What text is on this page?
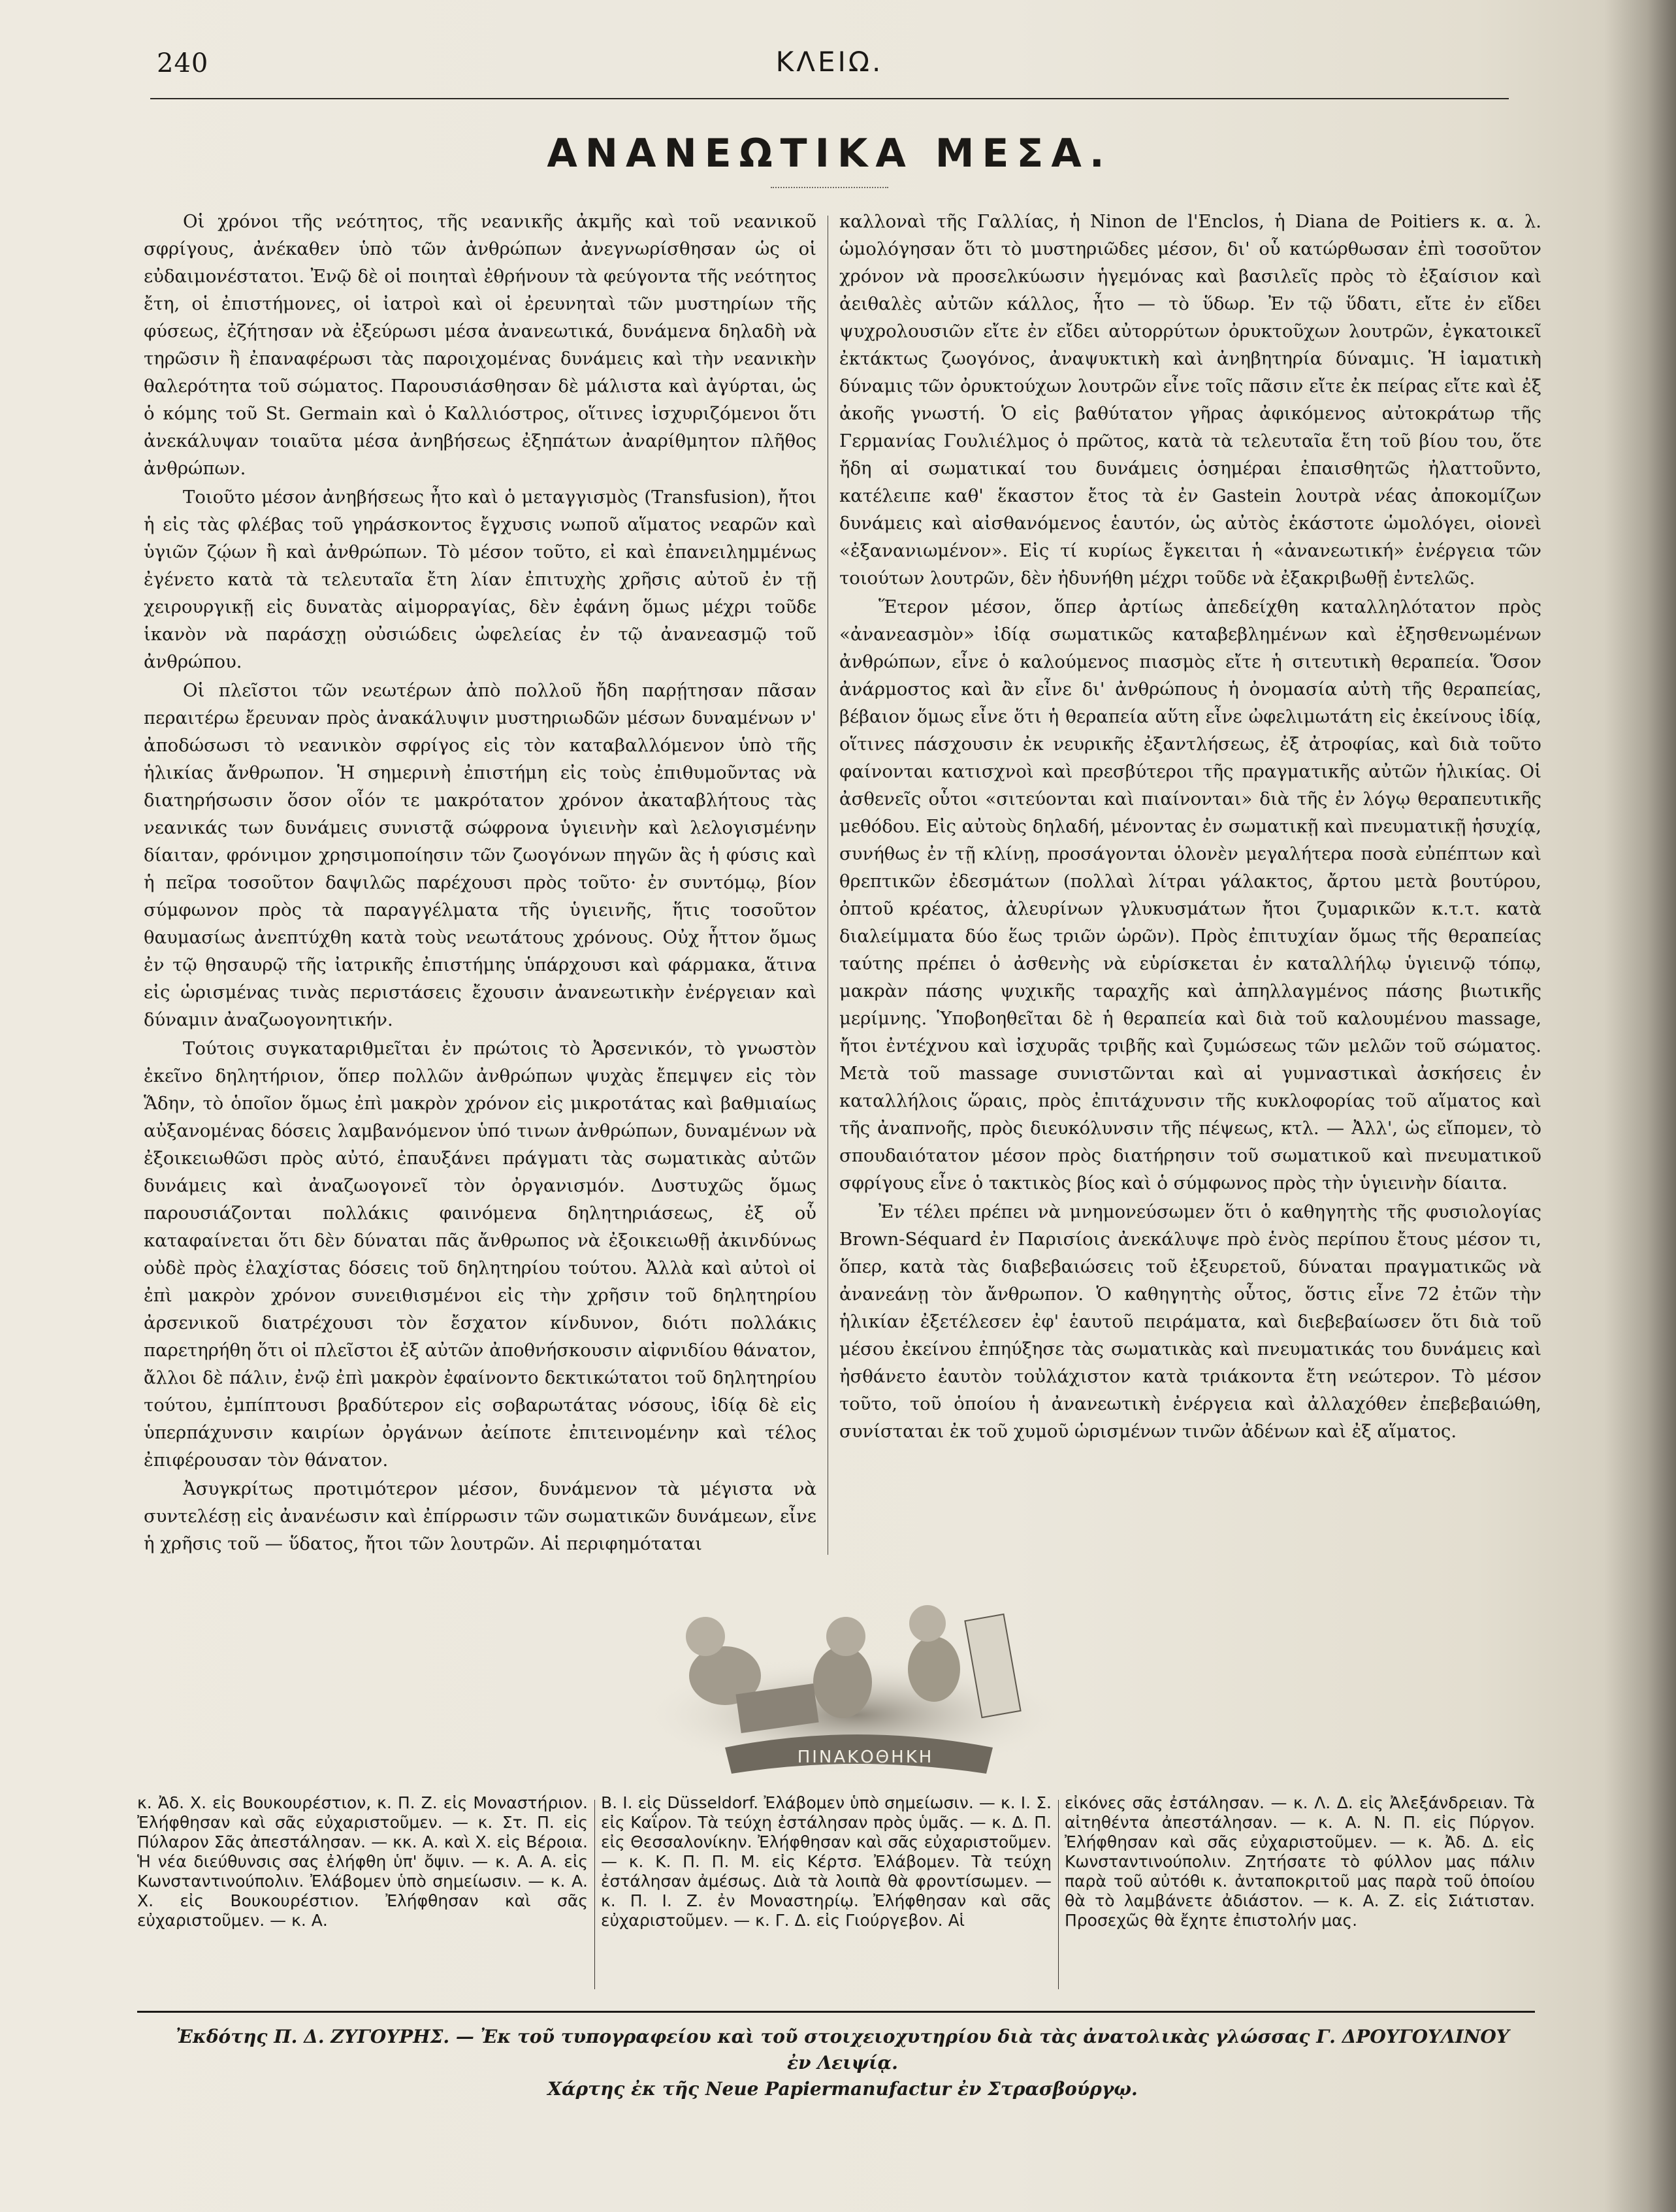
240	ΚΛΕΙΩ.
ΑΝΑΝΕΩΤΙΚΑ ΜΕΣΑ.

Οἱ χρόνοι τῆς νεότητος, τῆς νεανικῆς ἀκμῆς καὶ τοῦ νεανικοῦ σφρίγους, ἀνέκαθεν ὑπὸ τῶν ἀνθρώπων ἀνεγνωρίσθησαν ὡς οἱ εὐδαιμονέστατοι. Ἐνῷ δὲ οἱ ποιηταὶ ἐθρήνουν τὰ φεύγοντα τῆς νεότητος ἔτη, οἱ ἐπιστήμονες, οἱ ἰατροὶ καὶ οἱ ἐρευνηταὶ τῶν μυστηρίων τῆς φύσεως, ἐζήτησαν νὰ ἐξεύρωσι μέσα ἀνανεωτικά, δυνάμενα δηλαδὴ νὰ τηρῶσιν ἢ ἐπαναφέρωσι τὰς παροιχομένας δυνάμεις καὶ τὴν νεανικὴν θαλερότητα τοῦ σώματος. Παρουσιάσθησαν δὲ μάλιστα καὶ ἀγύρται, ὡς ὁ κόμης τοῦ St. Germain καὶ ὁ Καλλιόστρος, οἵτινες ἰσχυριζόμενοι ὅτι ἀνεκάλυψαν τοιαῦτα μέσα ἀνηβήσεως ἐξηπάτων ἀναρίθμητον πλῆθος ἀνθρώπων.

Τοιοῦτο μέσον ἀνηβήσεως ἦτο καὶ ὁ μεταγγισμὸς (Transfusion), ἤτοι ἡ εἰς τὰς φλέβας τοῦ γηράσκοντος ἔγχυσις νωποῦ αἵματος νεαρῶν καὶ ὑγιῶν ζῴων ἢ καὶ ἀνθρώπων. Τὸ μέσον τοῦτο, εἰ καὶ ἐπανειλημμένως ἐγένετο κατὰ τὰ τελευταῖα ἔτη λίαν ἐπιτυχὴς χρῆσις αὐτοῦ ἐν τῇ χειρουργικῇ εἰς δυνατὰς αἱμορραγίας, δὲν ἐφάνη ὅμως μέχρι τοῦδε ἱκανὸν νὰ παράσχῃ οὐσιώδεις ὠφελείας ἐν τῷ ἀνανεασμῷ τοῦ ἀνθρώπου.

Οἱ πλεῖστοι τῶν νεωτέρων ἀπὸ πολλοῦ ἤδη παρῄτησαν πᾶσαν περαιτέρω ἔρευναν πρὸς ἀνακάλυψιν μυστηριωδῶν μέσων δυναμένων ν' ἀποδώσωσι τὸ νεανικὸν σφρίγος εἰς τὸν καταβαλλόμενον ὑπὸ τῆς ἡλικίας ἄνθρωπον. Ἡ σημερινὴ ἐπιστήμη εἰς τοὺς ἐπιθυμοῦντας νὰ διατηρήσωσιν ὅσον οἷόν τε μακρότατον χρόνον ἀκαταβλήτους τὰς νεανικάς των δυνάμεις συνιστᾷ σώφρονα ὑγιεινὴν καὶ λελογισμένην δίαιταν, φρόνιμον χρησιμοποίησιν τῶν ζωογόνων πηγῶν ἃς ἡ φύσις καὶ ἡ πεῖρα τοσοῦτον δαψιλῶς παρέχουσι πρὸς τοῦτο· ἐν συντόμῳ, βίον σύμφωνον πρὸς τὰ παραγγέλματα τῆς ὑγιεινῆς, ἥτις τοσοῦτον θαυμασίως ἀνεπτύχθη κατὰ τοὺς νεωτάτους χρόνους. Οὐχ ἧττον ὅμως ἐν τῷ θησαυρῷ τῆς ἰατρικῆς ἐπιστήμης ὑπάρχουσι καὶ φάρμακα, ἅτινα εἰς ὡρισμένας τινὰς περιστάσεις ἔχουσιν ἀνανεωτικὴν ἐνέργειαν καὶ δύναμιν ἀναζωογονητικήν.

Τούτοις συγκαταριθμεῖται ἐν πρώτοις τὸ Ἀρσενικόν, τὸ γνωστὸν ἐκεῖνο δηλητήριον, ὅπερ πολλῶν ἀνθρώπων ψυχὰς ἔπεμψεν εἰς τὸν Ἅδην, τὸ ὁποῖον ὅμως ἐπὶ μακρὸν χρόνον εἰς μικροτάτας καὶ βαθμιαίως αὐξανομένας δόσεις λαμβανόμενον ὑπό τινων ἀνθρώπων, δυναμένων νὰ ἐξοικειωθῶσι πρὸς αὐτό, ἐπαυξάνει πράγματι τὰς σωματικὰς αὐτῶν δυνάμεις καὶ ἀναζωογονεῖ τὸν ὀργανισμόν. Δυστυχῶς ὅμως παρουσιάζονται πολλάκις φαινόμενα δηλητηριάσεως, ἐξ οὗ καταφαίνεται ὅτι δὲν δύναται πᾶς ἄνθρωπος νὰ ἐξοικειωθῇ ἀκινδύνως οὐδὲ πρὸς ἐλαχίστας δόσεις τοῦ δηλητηρίου τούτου. Ἀλλὰ καὶ αὐτοὶ οἱ ἐπὶ μακρὸν χρόνον συνειθισμένοι εἰς τὴν χρῆσιν τοῦ δηλητηρίου ἀρσενικοῦ διατρέχουσι τὸν ἔσχατον κίνδυνον, διότι πολλάκις παρετηρήθη ὅτι οἱ πλεῖστοι ἐξ αὐτῶν ἀποθνήσκουσιν αἰφνιδίου θάνατον, ἄλλοι δὲ πάλιν, ἐνῷ ἐπὶ μακρὸν ἐφαίνοντο δεκτικώτατοι τοῦ δηλητηρίου τούτου, ἐμπίπτουσι βραδύτερον εἰς σοβαρωτάτας νόσους, ἰδίᾳ δὲ εἰς ὑπερπάχυνσιν καιρίων ὀργάνων ἀείποτε ἐπιτεινομένην καὶ τέλος ἐπιφέρουσαν τὸν θάνατον.

Ἀσυγκρίτως προτιμότερον μέσον, δυνάμενον τὰ μέγιστα νὰ συντελέσῃ εἰς ἀνανέωσιν καὶ ἐπίρρωσιν τῶν σωματικῶν δυνάμεων, εἶνε ἡ χρῆσις τοῦ — ὕδατος, ἤτοι τῶν λουτρῶν. Αἱ περιφημόταται

καλλοναὶ τῆς Γαλλίας, ἡ Ninon de l'Enclos, ἡ Diana de Poitiers κ. α. λ. ὡμολόγησαν ὅτι τὸ μυστηριῶδες μέσον, δι' οὗ κατώρθωσαν ἐπὶ τοσοῦτον χρόνον νὰ προσελκύωσιν ἡγεμόνας καὶ βασιλεῖς πρὸς τὸ ἐξαίσιον καὶ ἀειθαλὲς αὐτῶν κάλλος, ἦτο — τὸ ὕδωρ. Ἐν τῷ ὕδατι, εἴτε ἐν εἴδει ψυχρολουσιῶν εἴτε ἐν εἴδει αὐτορρύτων ὀρυκτοῦχων λουτρῶν, ἐγκατοικεῖ ἐκτάκτως ζωογόνος, ἀναψυκτικὴ καὶ ἀνηβητηρία δύναμις. Ἡ ἰαματικὴ δύναμις τῶν ὀρυκτούχων λουτρῶν εἶνε τοῖς πᾶσιν εἴτε ἐκ πείρας εἴτε καὶ ἐξ ἀκοῆς γνωστή. Ὁ εἰς βαθύτατον γῆρας ἀφικόμενος αὐτοκράτωρ τῆς Γερμανίας Γουλιέλμος ὁ πρῶτος, κατὰ τὰ τελευταῖα ἔτη τοῦ βίου του, ὅτε ἤδη αἱ σωματικαί του δυνάμεις ὁσημέραι ἐπαισθητῶς ἠλαττοῦντο, κατέλειπε καθ' ἕκαστον ἔτος τὰ ἐν Gastein λουτρὰ νέας ἀποκομίζων δυνάμεις καὶ αἰσθανόμενος ἑαυτόν, ὡς αὐτὸς ἑκάστοτε ὡμολόγει, οἱονεὶ «ἐξανανιωμένον». Εἰς τί κυρίως ἔγκειται ἡ «ἀνανεωτική» ἐνέργεια τῶν τοιούτων λουτρῶν, δὲν ἠδυνήθη μέχρι τοῦδε νὰ ἐξακριβωθῇ ἐντελῶς.

Ἕτερον μέσον, ὅπερ ἀρτίως ἀπεδείχθη καταλληλότατον πρὸς «ἀνανεασμὸν» ἰδίᾳ σωματικῶς καταβεβλημένων καὶ ἐξησθενωμένων ἀνθρώπων, εἶνε ὁ καλούμενος πιασμὸς εἴτε ἡ σιτευτικὴ θεραπεία. Ὅσον ἀνάρμοστος καὶ ἂν εἶνε δι' ἀνθρώπους ἡ ὀνομασία αὐτὴ τῆς θεραπείας, βέβαιον ὅμως εἶνε ὅτι ἡ θεραπεία αὕτη εἶνε ὠφελιμωτάτη εἰς ἐκείνους ἰδίᾳ, οἵτινες πάσχουσιν ἐκ νευρικῆς ἐξαντλήσεως, ἐξ ἀτροφίας, καὶ διὰ τοῦτο φαίνονται κατισχνοὶ καὶ πρεσβύτεροι τῆς πραγματικῆς αὐτῶν ἡλικίας. Οἱ ἀσθενεῖς οὗτοι «σιτεύονται καὶ πιαίνονται» διὰ τῆς ἐν λόγῳ θεραπευτικῆς μεθόδου. Εἰς αὐτοὺς δηλαδή, μένοντας ἐν σωματικῇ καὶ πνευματικῇ ἡσυχίᾳ, συνήθως ἐν τῇ κλίνῃ, προσάγονται ὁλονὲν μεγαλήτερα ποσὰ εὐπέπτων καὶ θρεπτικῶν ἐδεσμάτων (πολλαὶ λίτραι γάλακτος, ἄρτου μετὰ βουτύρου, ὀπτοῦ κρέατος, ἀλευρίνων γλυκυσμάτων ἤτοι ζυμαρικῶν κ.τ.τ. κατὰ διαλείμματα δύο ἕως τριῶν ὡρῶν). Πρὸς ἐπιτυχίαν ὅμως τῆς θεραπείας ταύτης πρέπει ὁ ἀσθενὴς νὰ εὑρίσκεται ἐν καταλλήλῳ ὑγιεινῷ τόπῳ, μακρὰν πάσης ψυχικῆς ταραχῆς καὶ ἀπηλλαγμένος πάσης βιωτικῆς μερίμνης. Ὑποβοηθεῖται δὲ ἡ θεραπεία καὶ διὰ τοῦ καλουμένου massage, ἤτοι ἐντέχνου καὶ ἰσχυρᾶς τριβῆς καὶ ζυμώσεως τῶν μελῶν τοῦ σώματος. Μετὰ τοῦ massage συνιστῶνται καὶ αἱ γυμναστικαὶ ἀσκήσεις ἐν καταλλήλοις ὥραις, πρὸς ἐπιτάχυνσιν τῆς κυκλοφορίας τοῦ αἵματος καὶ τῆς ἀναπνοῆς, πρὸς διευκόλυνσιν τῆς πέψεως, κτλ. — Ἀλλ', ὡς εἴπομεν, τὸ σπουδαιότατον μέσον πρὸς διατήρησιν τοῦ σωματικοῦ καὶ πνευματικοῦ σφρίγους εἶνε ὁ τακτικὸς βίος καὶ ὁ σύμφωνος πρὸς τὴν ὑγιεινὴν δίαιτα.

Ἐν τέλει πρέπει νὰ μνημονεύσωμεν ὅτι ὁ καθηγητὴς τῆς φυσιολογίας Brown-Séquard ἐν Παρισίοις ἀνεκάλυψε πρὸ ἑνὸς περίπου ἔτους μέσον τι, ὅπερ, κατὰ τὰς διαβεβαιώσεις τοῦ ἐξευρετοῦ, δύναται πραγματικῶς νὰ ἀνανεάνῃ τὸν ἄνθρωπον. Ὁ καθηγητὴς οὗτος, ὅστις εἶνε 72 ἐτῶν τὴν ἡλικίαν ἐξετέλεσεν ἐφ' ἑαυτοῦ πειράματα, καὶ διεβεβαίωσεν ὅτι διὰ τοῦ μέσου ἐκείνου ἐπηύξησε τὰς σωματικὰς καὶ πνευματικάς του δυνάμεις καὶ ἠσθάνετο ἑαυτὸν τοὐλάχιστον κατὰ τριάκοντα ἔτη νεώτερον. Τὸ μέσον τοῦτο, τοῦ ὁποίου ἡ ἀνανεωτικὴ ἐνέργεια καὶ ἀλλαχόθεν ἐπεβεβαιώθη, συνίσταται ἐκ τοῦ χυμοῦ ὡρισμένων τινῶν ἀδένων καὶ ἐξ αἵματος.

ΠΙΝΑΚΟΘΗΚΗ
κ. Ἀδ. Χ. εἰς Βουκουρέστιον, κ. Π. Ζ. εἰς Μοναστήριον. Ἐλήφθησαν καὶ σᾶς εὐχαριστοῦμεν. — κ. Στ. Π. εἰς Πύλαρον Σᾶς ἀπεστάλησαν. — κκ. Α. καὶ Χ. εἰς Βέροια. Ἡ νέα διεύθυνσις σας ἐλήφθη ὑπ' ὄψιν. — κ. Α. Α. εἰς Κωνσταντινούπολιν. Ἐλάβομεν ὑπὸ σημείωσιν. — κ. Α. Χ. εἰς Βουκουρέστιον. Ἐλήφθησαν καὶ σᾶς εὐχαριστοῦμεν. — κ. Α.
Β. Ι. εἰς Düsseldorf. Ἐλάβομεν ὑπὸ σημείωσιν. — κ. Ι. Σ. εἰς Καΐρον. Τὰ τεύχη ἐστάλησαν πρὸς ὑμᾶς. — κ. Δ. Π. εἰς Θεσσαλονίκην. Ἐλήφθησαν καὶ σᾶς εὐχαριστοῦμεν. — κ. Κ. Π. Π. Μ. εἰς Κέρτσ. Ἐλάβομεν. Τὰ τεύχη ἐστάλησαν ἀμέσως. Διὰ τὰ λοιπὰ θὰ φροντίσωμεν. — κ. Π. Ι. Ζ. ἐν Μοναστηρίῳ. Ἐλήφθησαν καὶ σᾶς εὐχαριστοῦμεν. — κ. Γ. Δ. εἰς Γιούργεβον. Αἱ
εἰκόνες σᾶς ἐστάλησαν. — κ. Λ. Δ. εἰς Ἀλεξάνδρειαν. Τὰ αἰτηθέντα ἀπεστάλησαν. — κ. Α. Ν. Π. εἰς Πύργον. Ἐλήφθησαν καὶ σᾶς εὐχαριστοῦμεν. — κ. Ἀδ. Δ. εἰς Κωνσταντινούπολιν. Ζητήσατε τὸ φύλλον μας πάλιν παρὰ τοῦ αὐτόθι κ. ἀνταποκριτοῦ μας παρὰ τοῦ ὁποίου θὰ τὸ λαμβάνετε ἀδιάστον. — κ. Α. Ζ. εἰς Σιάτισταν. Προσεχῶς θὰ ἔχητε ἐπιστολήν μας.
Ἐκδότης Π. Δ. ΖΥΓΟΥΡΗΣ. — Ἐκ τοῦ τυπογραφείου καὶ τοῦ στοιχειοχυτηρίου διὰ τὰς ἀνατολικὰς γλώσσας Γ. ΔΡΟΥΓΟΥΛΙΝΟΥ ἐν Λειψίᾳ.
Χάρτης ἐκ τῆς Neue Papiermanufactur ἐν Στρασβούργῳ.
